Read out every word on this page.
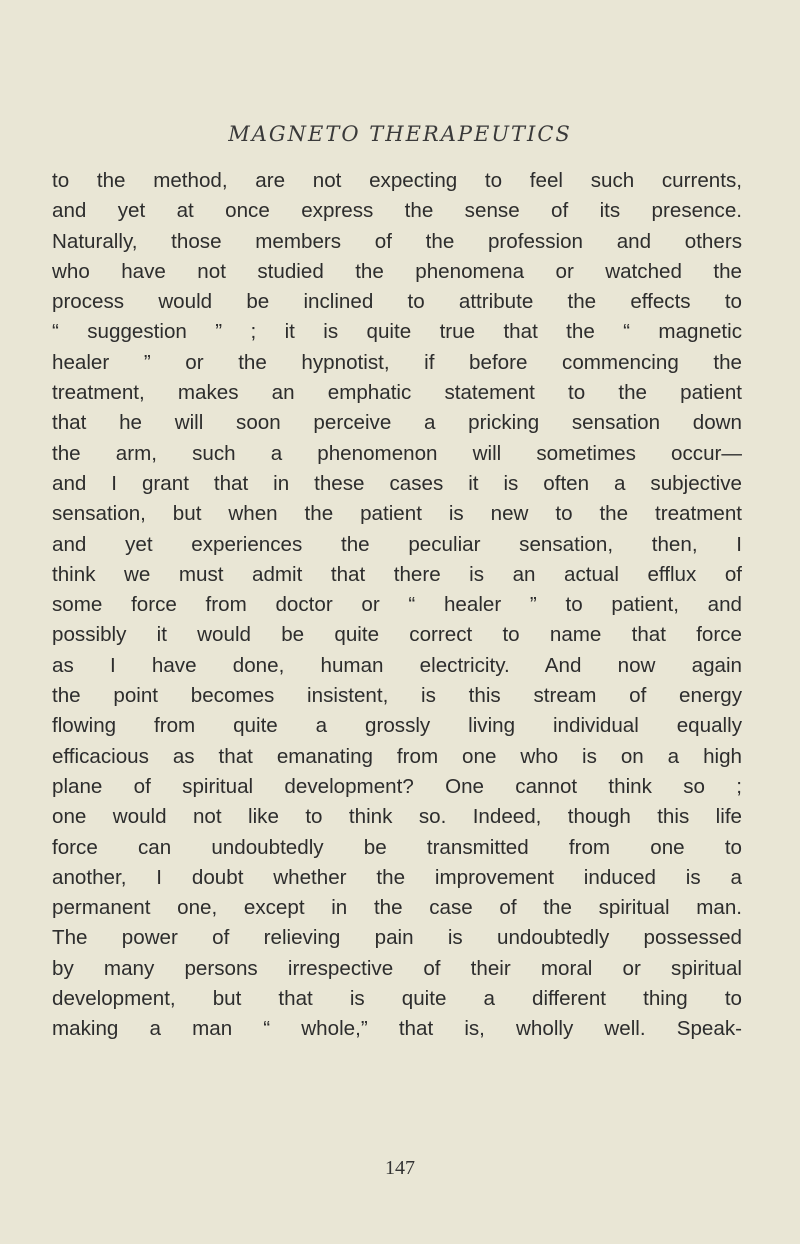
MAGNETO THERAPEUTICS

to the method, are not expecting to feel such currents,
and yet at once express the sense of its presence.
Naturally, those members of the profession and others
who have not studied the phenomena or watched the
process would be inclined to attribute the effects to
“ suggestion ” ; it is quite true that the “ magnetic
healer ” or the hypnotist, if before commencing the
treatment, makes an emphatic statement to the patient
that he will soon perceive a pricking sensation down
the arm, such a phenomenon will sometimes occur—
and I grant that in these cases it is often a subjective
sensation, but when the patient is new to the treatment
and yet experiences the peculiar sensation, then, I
think we must admit that there is an actual efflux of
some force from doctor or “ healer ” to patient, and
possibly it would be quite correct to name that force
as I have done, human electricity. And now again
the point becomes insistent, is this stream of energy
flowing from quite a grossly living individual equally
efficacious as that emanating from one who is on a high
plane of spiritual development? One cannot think so ;
one would not like to think so. Indeed, though this life
force can undoubtedly be transmitted from one to
another, I doubt whether the improvement induced is a
permanent one, except in the case of the spiritual man.
The power of relieving pain is undoubtedly possessed
by many persons irrespective of their moral or spiritual
development, but that is quite a different thing to
making a man “ whole,” that is, wholly well. Speak-

147
